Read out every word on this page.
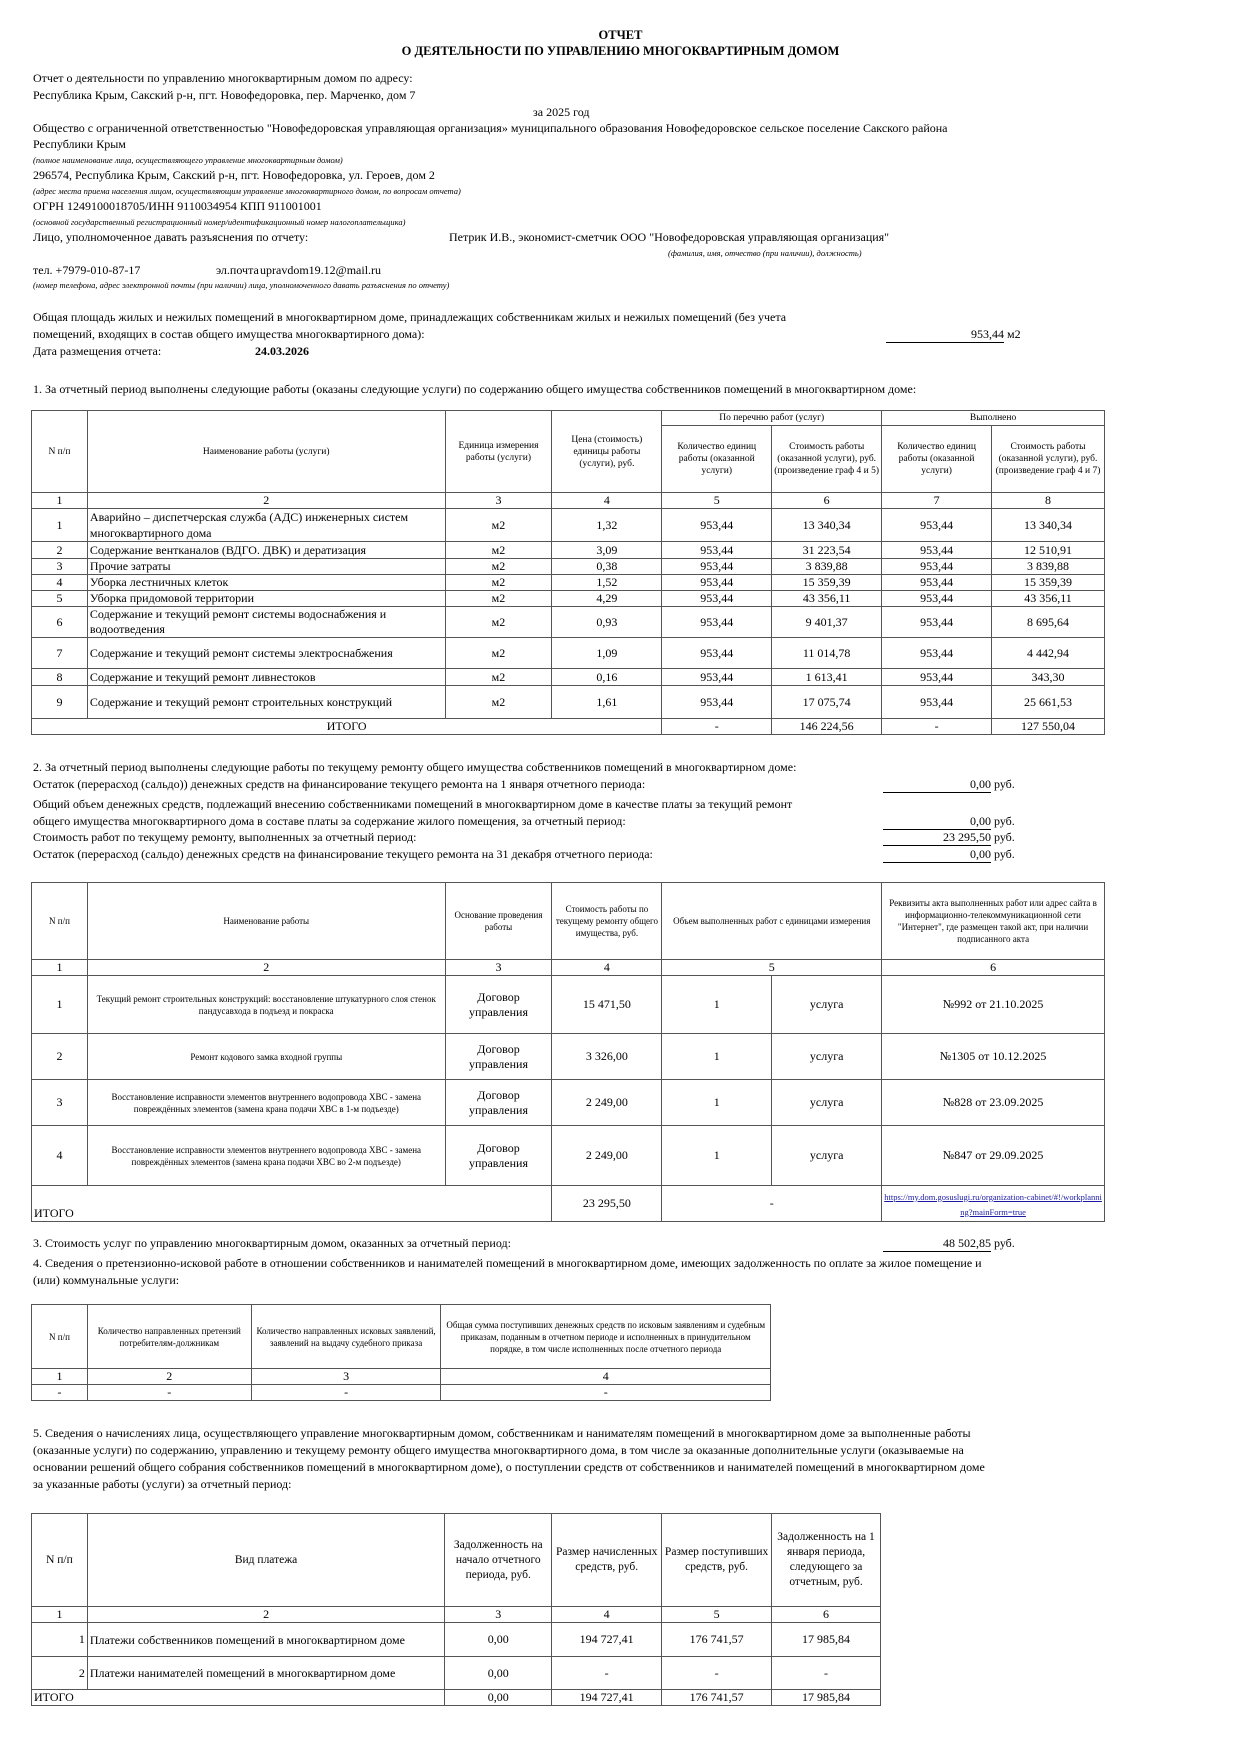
ОТЧЕТ
О ДЕЯТЕЛЬНОСТИ ПО УПРАВЛЕНИЮ МНОГОКВАРТИРНЫМ ДОМОМ
Отчет о деятельности по управлению многоквартирным домом по адресу:
Республика Крым, Сакский р-н, пгт. Новофедоровка, пер. Марченко, дом 7
за 2025 год
Общество с ограниченной ответственностью "Новофедоровская управляющая организация» муниципального образования Новофедоровское сельское поселение Сакского района
Республики Крым
(полное наименование лица, осуществляющего управление многоквартирным домом)
296574, Республика Крым, Сакский р-н, пгт. Новофедоровка, ул. Героев, дом 2
(адрес места приема населения лицом, осуществляющим управление многоквартирного домом, по вопросам отчета)
ОГРН 1249100018705/ИНН 9110034954 КПП 911001001
(основной государственный регистрационный номер/идентификационный номер налогоплательщика)
Лицо, уполномоченное давать разъяснения по отчету:	Петрик И.В., экономист-сметчик ООО "Новофедоровская управляющая организация"
(фамилия, имя, отчество (при наличии), должность)
тел. +7979-010-87-17	эл.почта upravdom19.12@mail.ru
(номер телефона, адрес электронной почты (при наличии) лица, уполномоченного давать разъяснения по отчету)
Общая площадь жилых и нежилых помещений в многоквартирном доме, принадлежащих собственникам жилых и нежилых помещений (без учета
помещений, входящих в состав общего имущества многоквартирного дома):	953,44 м2
Дата размещения отчета:	24.03.2026
1. За отчетный период выполнены следующие работы (оказаны следующие услуги) по содержанию общего имущества собственников помещений в многоквартирном доме:
N п/п	Наименование работы (услуги)	Единица измерения работы (услуги)	Цена (стоимость) единицы работы (услуги), руб.	По перечню работ (услуг)		Выполнено	
				Количество единиц работы (оказанной услуги)	Стоимость работы (оказанной услуги), руб. (произведение граф 4 и 5)	Количество единиц работы (оказанной услуги)	Стоимость работы (оказанной услуги), руб. (произведение граф 4 и 7)
1	2	3	4	5	6	7	8
1	Аварийно – диспетчерская служба (АДС) инженерных систем многоквартирного дома	м2	1,32	953,44	13 340,34	953,44	13 340,34
2	Содержание вентканалов (ВДГО. ДВК) и дератизация	м2	3,09	953,44	31 223,54	953,44	12 510,91
3	Прочие затраты	м2	0,38	953,44	3 839,88	953,44	3 839,88
4	Уборка лестничных клеток	м2	1,52	953,44	15 359,39	953,44	15 359,39
5	Уборка придомовой территории	м2	4,29	953,44	43 356,11	953,44	43 356,11
6	Содержание и текущий ремонт системы водоснабжения и водоотведения	м2	0,93	953,44	9 401,37	953,44	8 695,64
7	Содержание и текущий ремонт системы электроснабжения	м2	1,09	953,44	11 014,78	953,44	4 442,94
8	Содержание и текущий ремонт ливнестоков	м2	0,16	953,44	1 613,41	953,44	343,30
9	Содержание и текущий ремонт строительных конструкций	м2	1,61	953,44	17 075,74	953,44	25 661,53
ИТОГО				-	146 224,56	-	127 550,04
2. За отчетный период выполнены следующие работы по текущему ремонту общего имущества собственников помещений в многоквартирном доме:
Остаток (перерасход (сальдо)) денежных средств на финансирование текущего ремонта на 1 января отчетного периода:	0,00 руб.
Общий объем денежных средств, подлежащий внесению собственниками помещений в многоквартирном доме в качестве платы за текущий ремонт
общего имущества многоквартирного дома в составе платы за содержание жилого помещения, за отчетный период:	0,00 руб.
Стоимость работ по текущему ремонту, выполненных за отчетный период:	23 295,50 руб.
Остаток (перерасход (сальдо) денежных средств на финансирование текущего ремонта на 31 декабря отчетного периода:	0,00 руб.
N п/п	Наименование работы	Основание проведения работы	Стоимость работы по текущему ремонту общего имущества, руб.	Объем выполненных работ с единицами измерения		Реквизиты акта выполненных работ или адрес сайта в информационно-телекоммуникационной сети "Интернет", где размещен такой акт, при наличии подписанного акта
1	2	3	4	5		6
1	Текущий ремонт строительных конструкций: восстановление штукатурного слоя стенок пандусавхода в подъезд и покраска	Договор управления	15 471,50	1	услуга	№992 от 21.10.2025
2	Ремонт кодового замка входной группы	Договор управления	3 326,00	1	услуга	№1305 от 10.12.2025
3	Восстановление исправности элементов внутреннего водопровода ХВС - замена повреждённых элементов (замена крана подачи ХВС в 1-м подъезде)	Договор управления	2 249,00	1	услуга	№828 от 23.09.2025
4	Восстановление исправности элементов внутреннего водопровода ХВС - замена повреждённых элементов (замена крана подачи ХВС во 2-м подъезде)	Договор управления	2 249,00	1	услуга	№847 от 29.09.2025
ИТОГО			23 295,50	-		https://my.dom.gosuslugi.ru/organization-cabinet/#!/workplanning?mainForm=true
3. Стоимость услуг по управлению многоквартирным домом, оказанных за отчетный период:	48 502,85 руб.
4. Сведения о претензионно-исковой работе в отношении собственников и нанимателей помещений в многоквартирном доме, имеющих задолженность по оплате за жилое помещение и
(или) коммунальные услуги:
N п/п	Количество направленных претензий потребителям-должникам	Количество направленных исковых заявлений, заявлений на выдачу судебного приказа	Общая сумма поступивших денежных средств по исковым заявлениям и судебным приказам, поданным в отчетном периоде и исполненных в принудительном порядке, в том числе исполненных после отчетного периода
1	2	3	4
-	-	-	-
5. Сведения о начислениях лица, осуществляющего управление многоквартирным домом, собственникам и нанимателям помещений в многоквартирном доме за выполненные работы
(оказанные услуги) по содержанию, управлению и текущему ремонту общего имущества многоквартирного дома, в том числе за оказанные дополнительные услуги (оказываемые на
основании решений общего собрания собственников помещений в многоквартирном доме), о поступлении средств от собственников и нанимателей помещений в многоквартирном доме
за указанные работы (услуги) за отчетный период:
N п/п	Вид платежа	Задолженность на начало отчетного периода, руб.	Размер начисленных средств, руб.	Размер поступивших средств, руб.	Задолженность на 1 января периода, следующего за отчетным, руб.
1	2	3	4	5	6
1	Платежи собственников помещений в многоквартирном доме	0,00	194 727,41	176 741,57	17 985,84
2	Платежи нанимателей помещений в многоквартирном доме	0,00	-	-	-
ИТОГО		0,00	194 727,41	176 741,57	17 985,84
